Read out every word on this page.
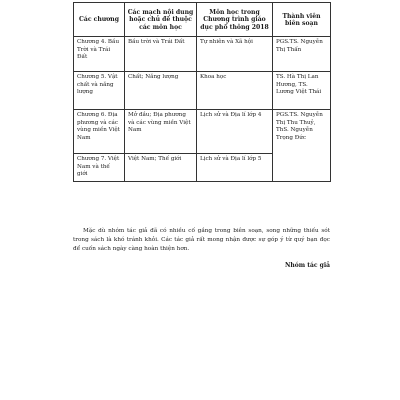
Các chương	Các mạch nội dung hoặc chủ đề thuộc các môn học	Môn học trong Chương trình giáo dục phổ thông 2018	Thành viên biên soạn
Chương 4. Bầu Trời và Trái Đất	Bầu trời và Trái Đất	Tự nhiên và Xã hội	PGS.TS. Nguyễn Thị Thấn
Chương 5. Vật chất và năng lượng	Chất; Năng lượng	Khoa học	TS. Hà Thị Lan Hương, TS. Lương Việt Thái
Chương 6. Địa phương và các vùng miền Việt Nam	Mở đầu; Địa phương và các vùng miền Việt Nam	Lịch sử và Địa lí lớp 4	PGS.TS. Nguyễn Thị Thu Thuỷ, ThS. Nguyễn Trọng Đức
Chương 7. Việt Nam và thế giới	Việt Nam; Thế giới	Lịch sử và Địa lí lớp 5	

Mặc dù nhóm tác giả đã có nhiều cố gắng trong biên soạn, song những thiếu sót trong sách là khó tránh khỏi. Các tác giả rất mong nhận được sự góp ý từ quý bạn đọc để cuốn sách ngày càng hoàn thiện hơn.

Nhóm tác giả
